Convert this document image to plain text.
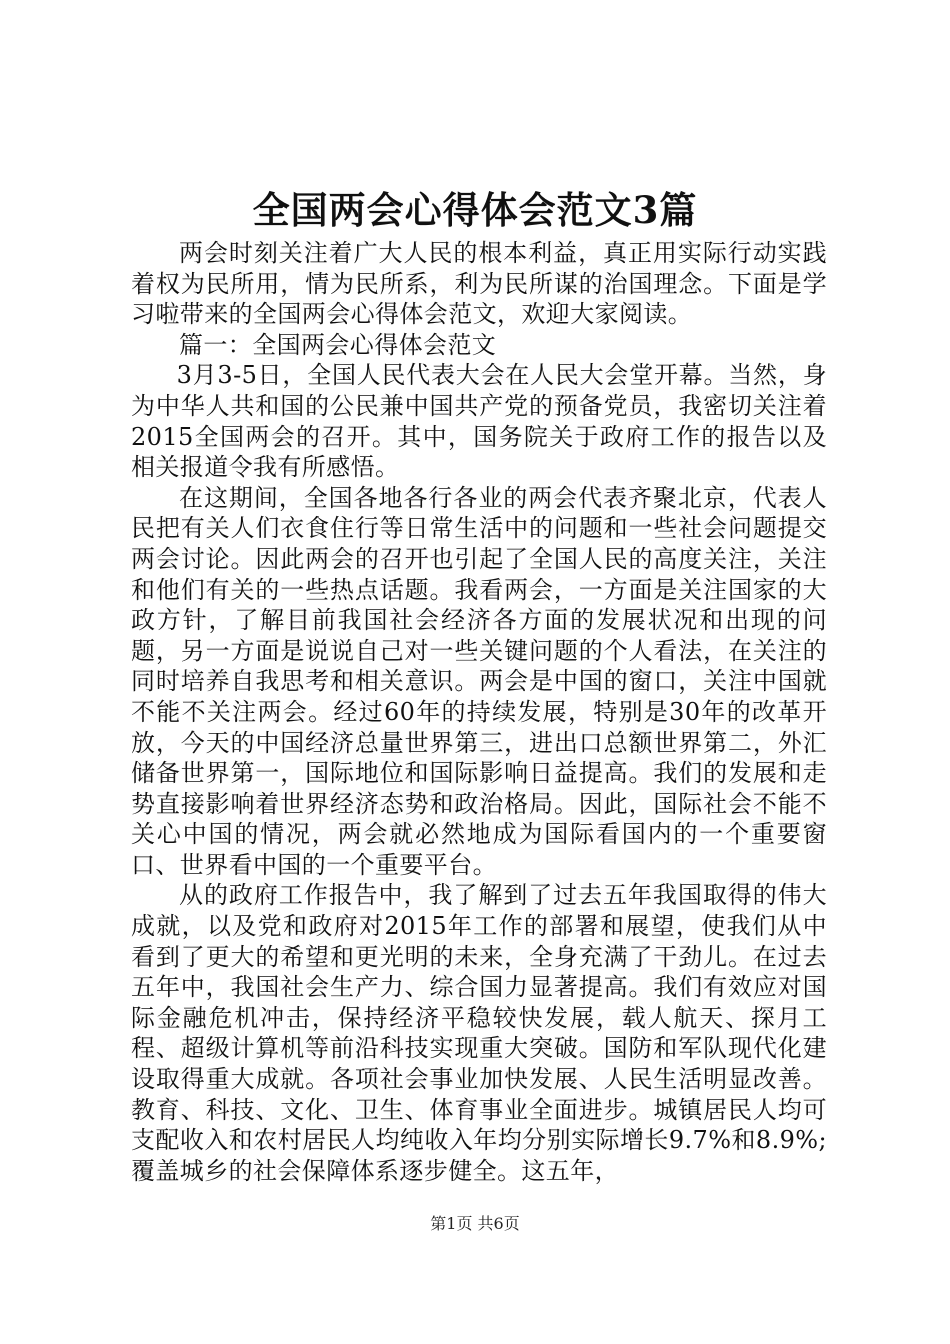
全国两会心得体会范文3篇

两会时刻关注着广大人民的根本利益，真正用实际行动实践着权为民所用，情为民所系，利为民所谋的治国理念。下面是学习啦带来的全国两会心得体会范文，欢迎大家阅读。

篇一：全国两会心得体会范文

3月3-5日，全国人民代表大会在人民大会堂开幕。当然，身为中华人共和国的公民兼中国共产党的预备党员，我密切关注着2015全国两会的召开。其中，国务院关于政府工作的报告以及相关报道令我有所感悟。

在这期间，全国各地各行各业的两会代表齐聚北京，代表人民把有关人们衣食住行等日常生活中的问题和一些社会问题提交两会讨论。因此两会的召开也引起了全国人民的高度关注，关注和他们有关的一些热点话题。我看两会，一方面是关注国家的大政方针，了解目前我国社会经济各方面的发展状况和出现的问题，另一方面是说说自己对一些关键问题的个人看法，在关注的同时培养自我思考和相关意识。两会是中国的窗口，关注中国就不能不关注两会。经过60年的持续发展，特别是30年的改革开放，今天的中国经济总量世界第三，进出口总额世界第二，外汇储备世界第一，国际地位和国际影响日益提高。我们的发展和走势直接影响着世界经济态势和政治格局。因此，国际社会不能不关心中国的情况，两会就必然地成为国际看国内的一个重要窗口、世界看中国的一个重要平台。

从的政府工作报告中，我了解到了过去五年我国取得的伟大成就，以及党和政府对2015年工作的部署和展望，使我们从中看到了更大的希望和更光明的未来，全身充满了干劲儿。在过去五年中，我国社会生产力、综合国力显著提高。我们有效应对国际金融危机冲击，保持经济平稳较快发展，载人航天、探月工程、超级计算机等前沿科技实现重大突破。国防和军队现代化建设取得重大成就。各项社会事业加快发展、人民生活明显改善。教育、科技、文化、卫生、体育事业全面进步。城镇居民人均可支配收入和农村居民人均纯收入年均分别实际增长9.7%和8.9%;覆盖城乡的社会保障体系逐步健全。这五年，

第1页 共6页
